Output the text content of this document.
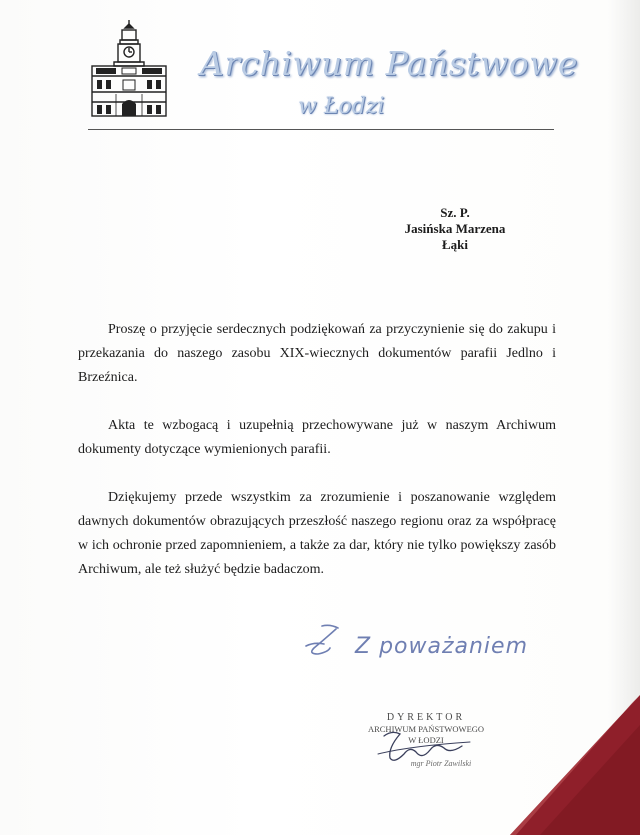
Archiwum Państwowe
w Łodzi
Sz. P.
Jasińska Marzena
Łąki

Proszę o przyjęcie serdecznych podziękowań za przyczynienie się do zakupu i przekazania do naszego zasobu XIX-wiecznych dokumentów parafii Jedlno i Brzeźnica.

Akta te wzbogacą i uzupełnią przechowywane już w naszym Archiwum dokumenty dotyczące wymienionych parafii.

Dziękujemy przede wszystkim za zrozumienie i poszanowanie względem dawnych dokumentów obrazujących przeszłość naszego regionu oraz za współpracę w ich ochronie przed zapomnieniem, a także za dar, który nie tylko powiększy zasób Archiwum, ale też służyć będzie badaczom.

Z poważaniem
DYREKTOR
ARCHIWUM PAŃSTWOWEGO
W ŁODZI
mgr Piotr Zawilski
